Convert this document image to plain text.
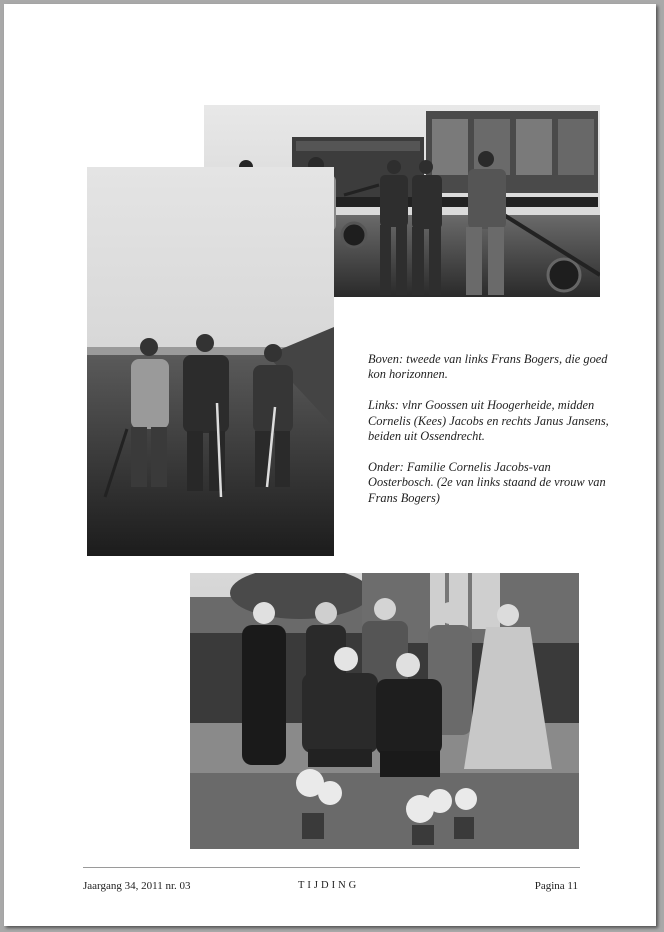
Boven: tweede van links Frans Bogers, die goed kon horizonnen.

Links: vlnr Goossen uit Hoogerheide, midden Cornelis (Kees) Jacobs en rechts Janus Jansens, beiden uit Ossendrecht.

Onder: Familie Cornelis Jacobs-van Oosterbosch. (2e van links staand de vrouw van Frans Bogers)

Jaargang 34, 2011 nr. 03	TIJDING	Pagina 11
